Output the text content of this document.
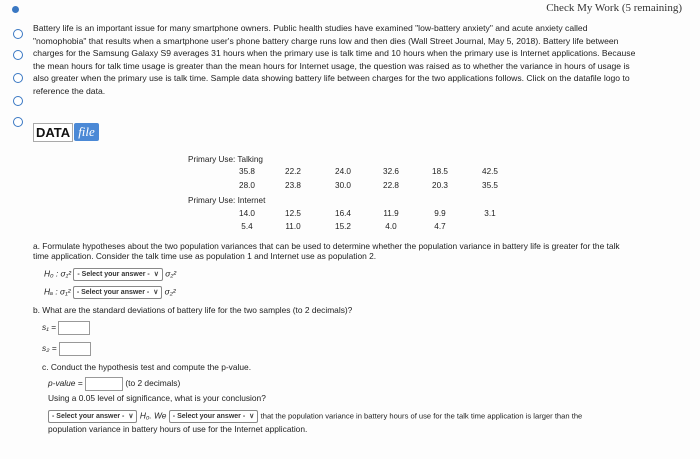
Check My Work (5 remaining)
Battery life is an important issue for many smartphone owners. Public health studies have examined "low-battery anxiety" and acute anxiety called
"nomophobia" that results when a smartphone user's phone battery charge runs low and then dies (Wall Street Journal, May 5, 2018). Battery life between
charges for the Samsung Galaxy S9 averages 31 hours when the primary use is talk time and 10 hours when the primary use is Internet applications. Because
the mean hours for talk time usage is greater than the mean hours for Internet usage, the question was raised as to whether the variance in hours of usage is
also greater when the primary use is talk time. Sample data showing battery life between charges for the two applications follows. Click on the datafile logo to
reference the data.
DATA file
Primary Use: Talking
Primary Use: Internet
35.8	22.2	24.0	32.6	18.5	42.5
28.0	23.8	30.0	22.8	20.3	35.5
14.0	12.5	16.4	11.9	9.9	3.1
5.4	11.0	15.2	4.0	4.7
a. Formulate hypotheses about the two population variances that can be used to determine whether the population variance in battery life is greater for the talk
time application. Consider the talk time use as population 1 and Internet use as population 2.
H₀ : σ₁² - Select your answer - ∨ σ₂²
Hₐ : σ₁² - Select your answer - ∨ σ₂²
b. What are the standard deviations of battery life for the two samples (to 2 decimals)?
s₁ =
s₂ =
c. Conduct the hypothesis test and compute the p-value.
p-value =	(to 2 decimals)
Using a 0.05 level of significance, what is your conclusion?
- Select your answer - ∨ H₀. We - Select your answer - ∨ that the population variance in battery hours of use for the talk time application is larger than the
population variance in battery hours of use for the Internet application.
